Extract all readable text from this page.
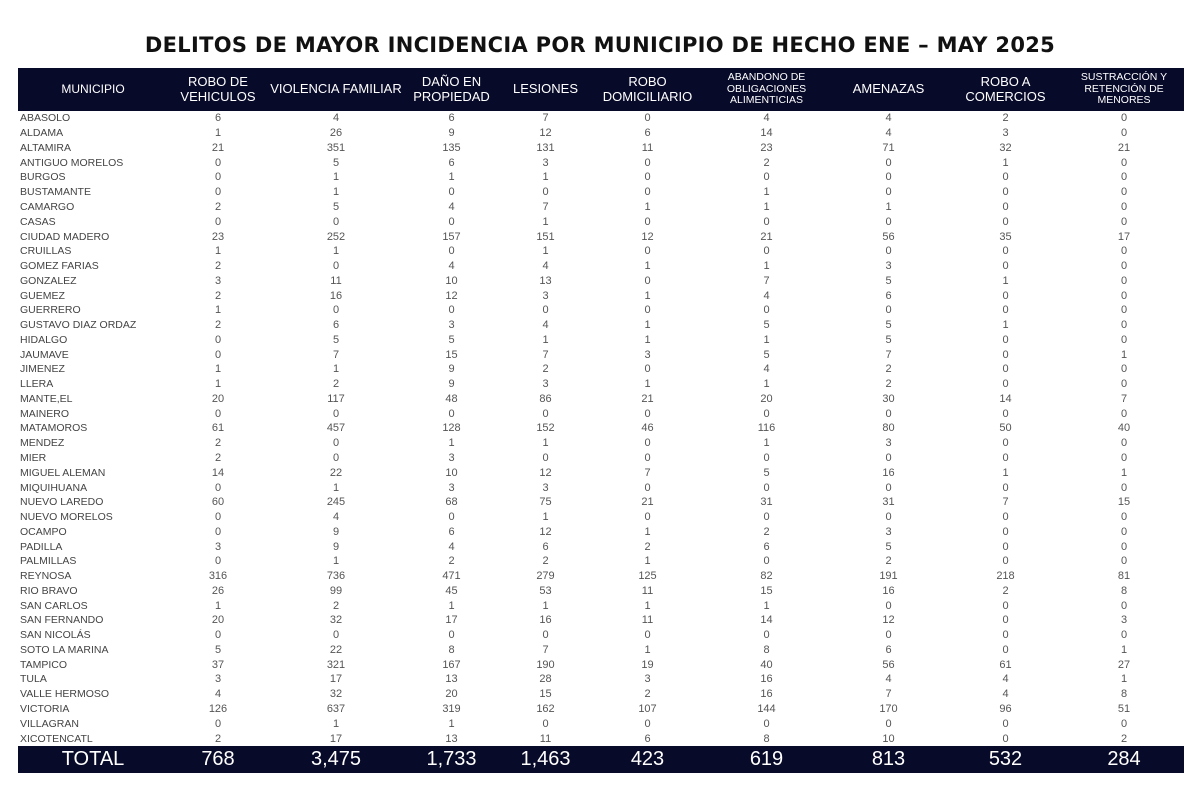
DELITOS DE MAYOR INCIDENCIA POR MUNICIPIO DE HECHO ENE – MAY 2025
MUNICIPIO	ROBO DE VEHICULOS	VIOLENCIA FAMILIAR	DAÑO EN PROPIEDAD	LESIONES	ROBO DOMICILIARIO	ABANDONO DE OBLIGACIONES ALIMENTICIAS	AMENAZAS	ROBO A COMERCIOS	SUSTRACCIÓN Y RETENCIÓN DE MENORES
ABASOLO	6	4	6	7	0	4	4	2	0
ALDAMA	1	26	9	12	6	14	4	3	0
ALTAMIRA	21	351	135	131	11	23	71	32	21
ANTIGUO MORELOS	0	5	6	3	0	2	0	1	0
BURGOS	0	1	1	1	0	0	0	0	0
BUSTAMANTE	0	1	0	0	0	1	0	0	0
CAMARGO	2	5	4	7	1	1	1	0	0
CASAS	0	0	0	1	0	0	0	0	0
CIUDAD MADERO	23	252	157	151	12	21	56	35	17
CRUILLAS	1	1	0	1	0	0	0	0	0
GOMEZ FARIAS	2	0	4	4	1	1	3	0	0
GONZALEZ	3	11	10	13	0	7	5	1	0
GUEMEZ	2	16	12	3	1	4	6	0	0
GUERRERO	1	0	0	0	0	0	0	0	0
GUSTAVO DIAZ ORDAZ	2	6	3	4	1	5	5	1	0
HIDALGO	0	5	5	1	1	1	5	0	0
JAUMAVE	0	7	15	7	3	5	7	0	1
JIMENEZ	1	1	9	2	0	4	2	0	0
LLERA	1	2	9	3	1	1	2	0	0
MANTE,EL	20	117	48	86	21	20	30	14	7
MAINERO	0	0	0	0	0	0	0	0	0
MATAMOROS	61	457	128	152	46	116	80	50	40
MENDEZ	2	0	1	1	0	1	3	0	0
MIER	2	0	3	0	0	0	0	0	0
MIGUEL ALEMAN	14	22	10	12	7	5	16	1	1
MIQUIHUANA	0	1	3	3	0	0	0	0	0
NUEVO LAREDO	60	245	68	75	21	31	31	7	15
NUEVO MORELOS	0	4	0	1	0	0	0	0	0
OCAMPO	0	9	6	12	1	2	3	0	0
PADILLA	3	9	4	6	2	6	5	0	0
PALMILLAS	0	1	2	2	1	0	2	0	0
REYNOSA	316	736	471	279	125	82	191	218	81
RIO BRAVO	26	99	45	53	11	15	16	2	8
SAN CARLOS	1	2	1	1	1	1	0	0	0
SAN FERNANDO	20	32	17	16	11	14	12	0	3
SAN NICOLÁS	0	0	0	0	0	0	0	0	0
SOTO LA MARINA	5	22	8	7	1	8	6	0	1
TAMPICO	37	321	167	190	19	40	56	61	27
TULA	3	17	13	28	3	16	4	4	1
VALLE HERMOSO	4	32	20	15	2	16	7	4	8
VICTORIA	126	637	319	162	107	144	170	96	51
VILLAGRAN	0	1	1	0	0	0	0	0	0
XICOTENCATL	2	17	13	11	6	8	10	0	2
TOTAL	768	3,475	1,733	1,463	423	619	813	532	284
